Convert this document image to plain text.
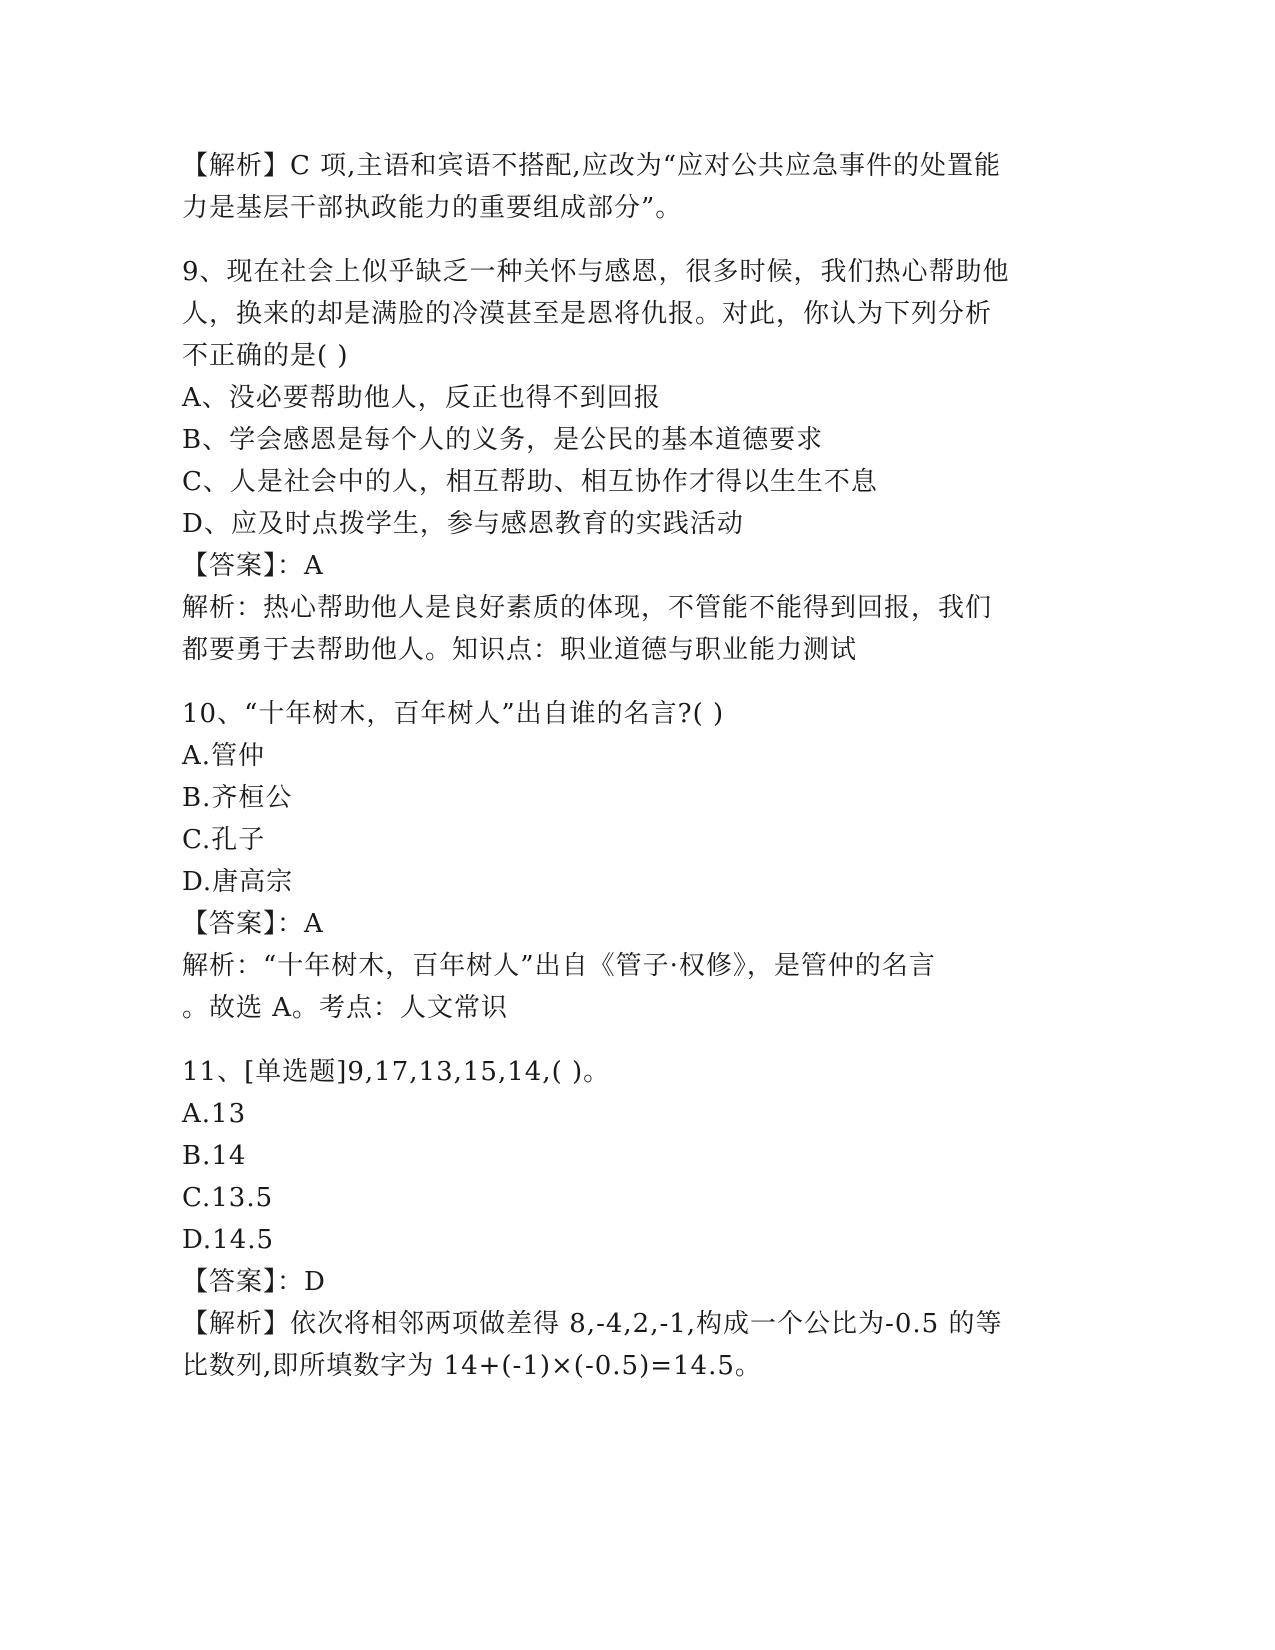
【解析】C 项,主语和宾语不搭配,应改为“应对公共应急事件的处置能
力是基层干部执政能力的重要组成部分”。
9、现在社会上似乎缺乏一种关怀与感恩，很多时候，我们热心帮助他
人，换来的却是满脸的冷漠甚至是恩将仇报。对此，你认为下列分析
不正确的是( )
A、没必要帮助他人，反正也得不到回报
B、学会感恩是每个人的义务，是公民的基本道德要求
C、人是社会中的人，相互帮助、相互协作才得以生生不息
D、应及时点拨学生，参与感恩教育的实践活动
【答案】：A
解析：热心帮助他人是良好素质的体现，不管能不能得到回报，我们
都要勇于去帮助他人。知识点：职业道德与职业能力测试
10、“十年树木，百年树人”出自谁的名言?( )
A.管仲
B.齐桓公
C.孔子
D.唐高宗
【答案】：A
解析：“十年树木，百年树人”出自《管子·权修》，是管仲的名言
。故选 A。考点：人文常识
11、[单选题]9,17,13,15,14,( )。
A.13
B.14
C.13.5
D.14.5
【答案】：D
【解析】依次将相邻两项做差得 8,-4,2,-1,构成一个公比为-0.5 的等
比数列,即所填数字为 14+(-1)×(-0.5)=14.5。
